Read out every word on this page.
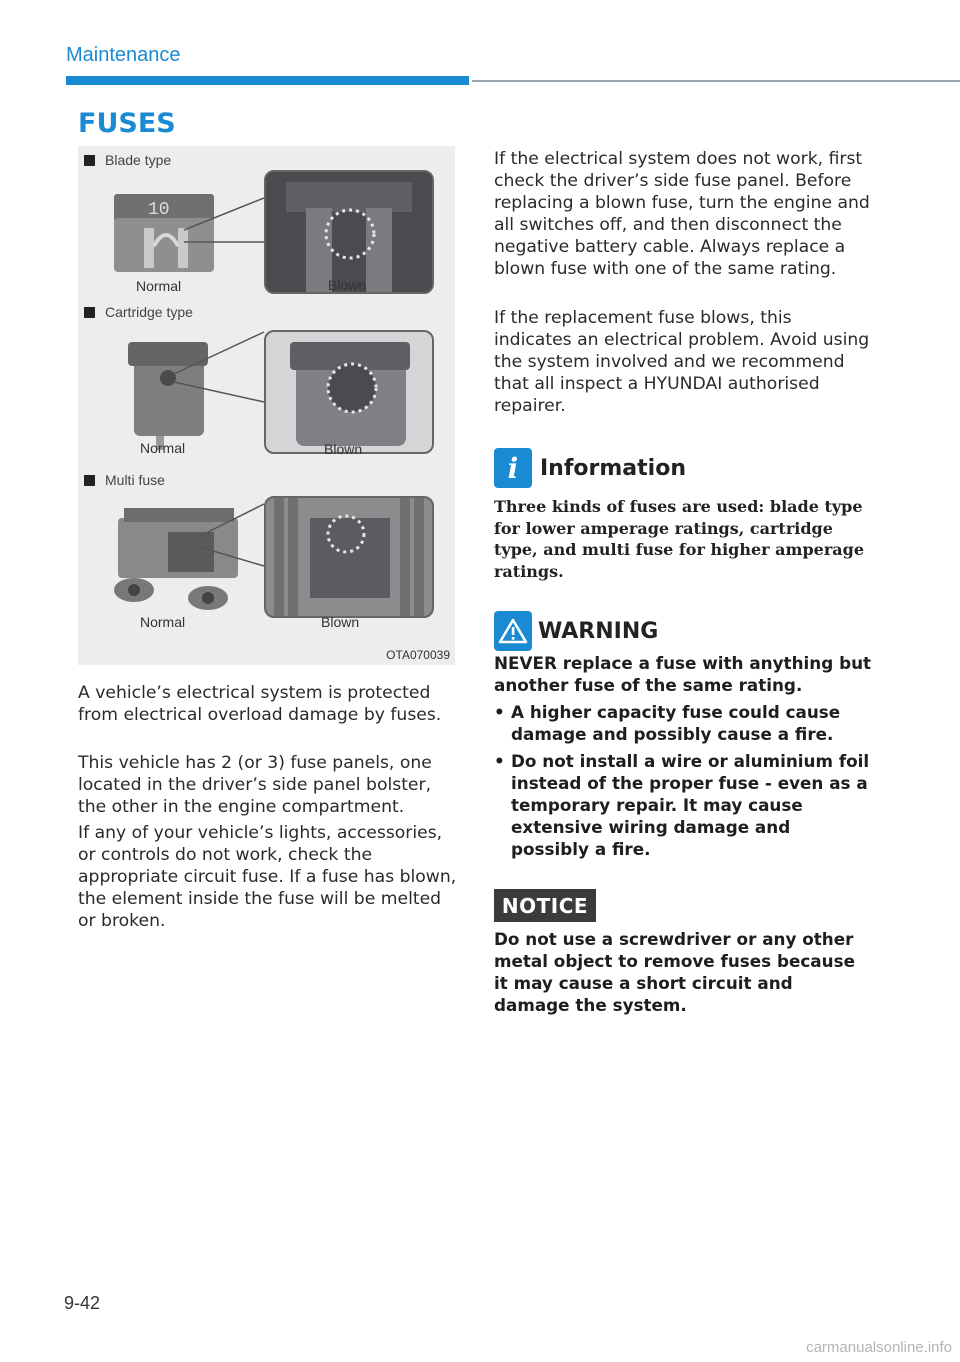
Maintenance
FUSES
10
Blade type
Normal	Blown
Cartridge type
Normal	Blown
Multi fuse
Normal	Blown
OTA070039

A vehicle’s electrical system is protected from electrical overload damage by fuses.

This vehicle has 2 (or 3) fuse panels, one located in the driver’s side panel bolster, the other in the engine compartment.

If any of your vehicle’s lights, accessories, or controls do not work, check the appropriate circuit fuse. If a fuse has blown, the element inside the fuse will be melted or broken.

If the electrical system does not work, first check the driver’s side fuse panel. Before replacing a blown fuse, turn the engine and all switches off, and then disconnect the negative battery cable. Always replace a blown fuse with one of the same rating.

If the replacement fuse blows, this indicates an electrical problem. Avoid using the system involved and we recommend that all inspect a HYUNDAI authorised repairer.

i Information

Three kinds of fuses are used: blade type for lower amperage ratings, cartridge type, and multi fuse for higher amperage ratings.

WARNING

NEVER replace a fuse with anything but another fuse of the same rating.

• A higher capacity fuse could cause damage and possibly cause a fire.
• Do not install a wire or aluminium foil instead of the proper fuse - even as a temporary repair. It may cause extensive wiring damage and possibly a fire.
NOTICE

Do not use a screwdriver or any other metal object to remove fuses because it may cause a short circuit and damage the system.

9-42
carmanualsonline.info
